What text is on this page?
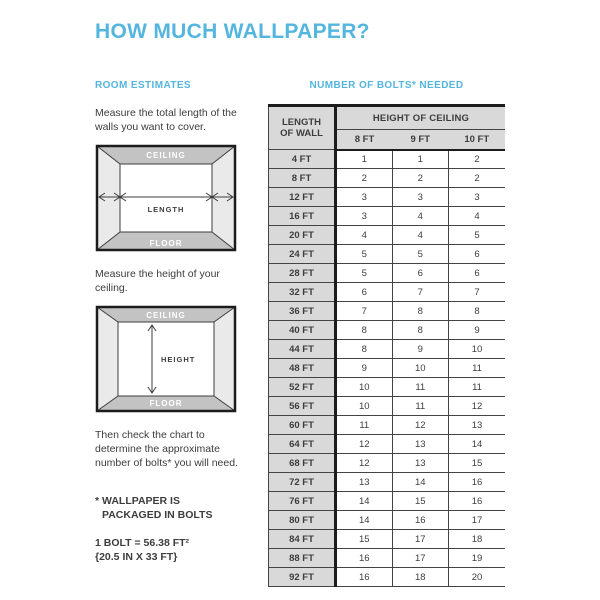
HOW MUCH WALLPAPER?
ROOM ESTIMATES

Measure the total length of the walls you want to cover.

CEILING
FLOOR
LENGTH

Measure the height of your ceiling.

CEILING
FLOOR
HEIGHT

Then check the chart to determine the approximate number of bolts* you will need.

* WALLPAPER IS
PACKAGED IN BOLTS

1 BOLT = 56.38 FT²
{20.5 IN X 33 FT}

NUMBER OF BOLTS* NEEDED
LENGTH OF WALL	HEIGHT OF CEILING		
	8 FT	9 FT	10 FT
4 FT	1	1	2
8 FT	2	2	2
12 FT	3	3	3
16 FT	3	4	4
20 FT	4	4	5
24 FT	5	5	6
28 FT	5	6	6
32 FT	6	7	7
36 FT	7	8	8
40 FT	8	8	9
44 FT	8	9	10
48 FT	9	10	11
52 FT	10	11	11
56 FT	10	11	12
60 FT	11	12	13
64 FT	12	13	14
68 FT	12	13	15
72 FT	13	14	16
76 FT	14	15	16
80 FT	14	16	17
84 FT	15	17	18
88 FT	16	17	19
92 FT	16	18	20
